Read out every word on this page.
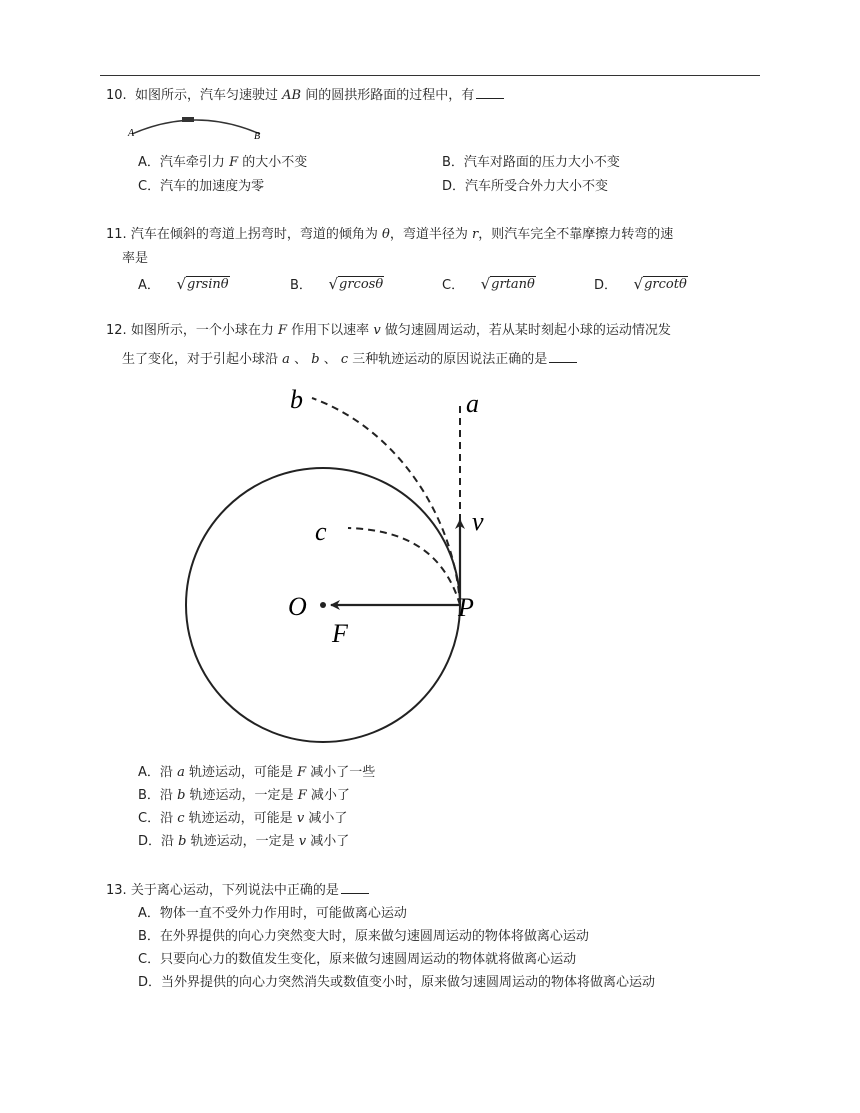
10. 如图所示，汽车匀速驶过 AB 间的圆拱形路面的过程中，有
A	B
A．汽车牵引力 F 的大小不变	B．汽车对路面的压力大小不变
C．汽车的加速度为零	D．汽车所受合外力大小不变
11. 汽车在倾斜的弯道上拐弯时，弯道的倾角为 θ，弯道半径为 r，则汽车完全不靠摩擦力转弯的速
率是
A． √ grsinθ	B． √ grcosθ	C． √ grtanθ	D． √ grcotθ
12. 如图所示，一个小球在力 F 作用下以速率 v 做匀速圆周运动，若从某时刻起小球的运动情况发
生了变化，对于引起小球沿 a 、 b 、 c 三种轨迹运动的原因说法正确的是
a
b
c	v
O
F
P
A．沿 a 轨迹运动，可能是 F 减小了一些
B．沿 b 轨迹运动，一定是 F 减小了
C．沿 c 轨迹运动，可能是 v 减小了
D．沿 b 轨迹运动，一定是 v 减小了
13. 关于离心运动，下列说法中正确的是
A．物体一直不受外力作用时，可能做离心运动
B．在外界提供的向心力突然变大时，原来做匀速圆周运动的物体将做离心运动
C．只要向心力的数值发生变化，原来做匀速圆周运动的物体就将做离心运动
D．当外界提供的向心力突然消失或数值变小时，原来做匀速圆周运动的物体将做离心运动
